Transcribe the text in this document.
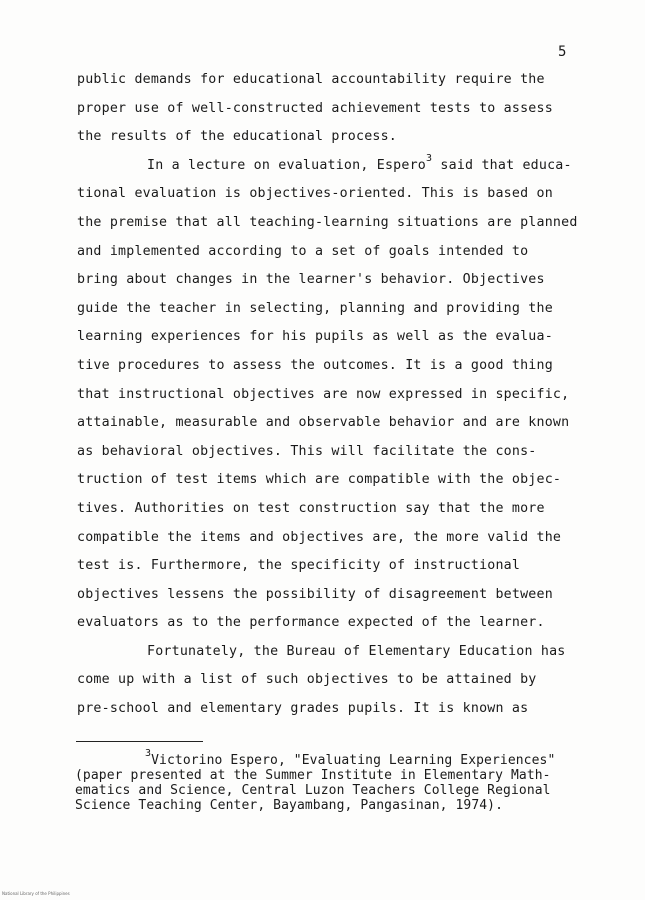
5
public demands for educational accountability require the
proper use of well-constructed achievement tests to assess
the results of the educational process.
In a lecture on evaluation, Espero$^3$ said that educa-
tional evaluation is objectives-oriented. This is based on
the premise that all teaching-learning situations are planned
and implemented according to a set of goals intended to
bring about changes in the learner's behavior. Objectives
guide the teacher in selecting, planning and providing the
learning experiences for his pupils as well as the evalua-
tive procedures to assess the outcomes. It is a good thing
that instructional objectives are now expressed in specific,
attainable, measurable and observable behavior and are known
as behavioral objectives. This will facilitate the cons-
truction of test items which are compatible with the objec-
tives. Authorities on test construction say that the more
compatible the items and objectives are, the more valid the
test is. Furthermore, the specificity of instructional
objectives lessens the possibility of disagreement between
evaluators as to the performance expected of the learner.
Fortunately, the Bureau of Elementary Education has
come up with a list of such objectives to be attained by
pre-school and elementary grades pupils. It is known as
$^3$Victorino Espero, "Evaluating Learning Experiences"
(paper presented at the Summer Institute in Elementary Math-
ematics and Science, Central Luzon Teachers College Regional
Science Teaching Center, Bayambang, Pangasinan, 1974).
National Library of the Philippines
